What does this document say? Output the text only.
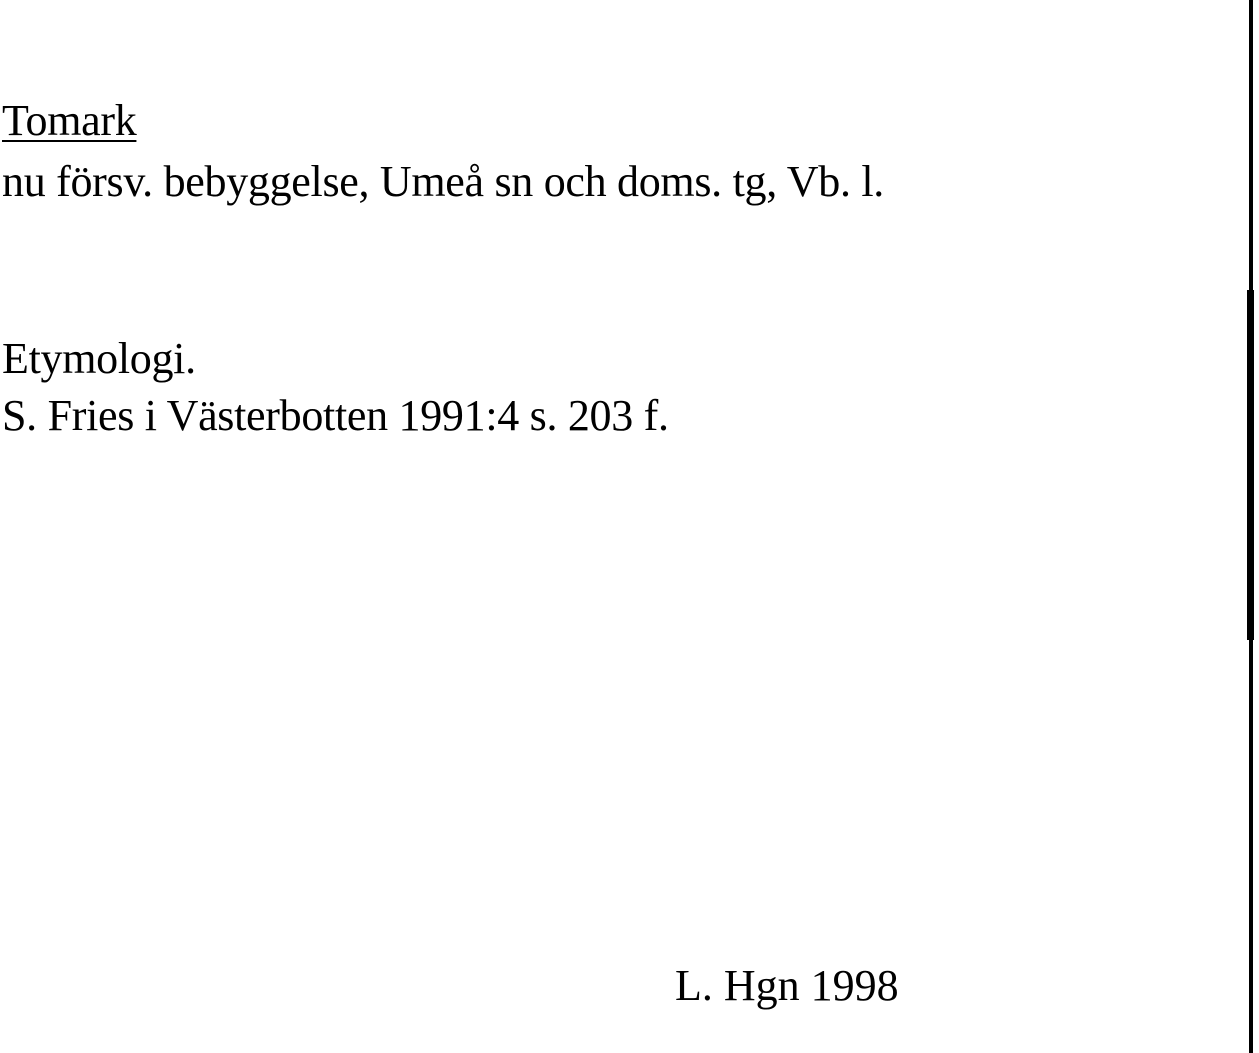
Tomark
nu försv. bebyggelse, Umeå sn och doms. tg, Vb. l.
Etymologi.
S. Fries i Västerbotten 1991:4 s. 203 f.
L. Hgn 1998
